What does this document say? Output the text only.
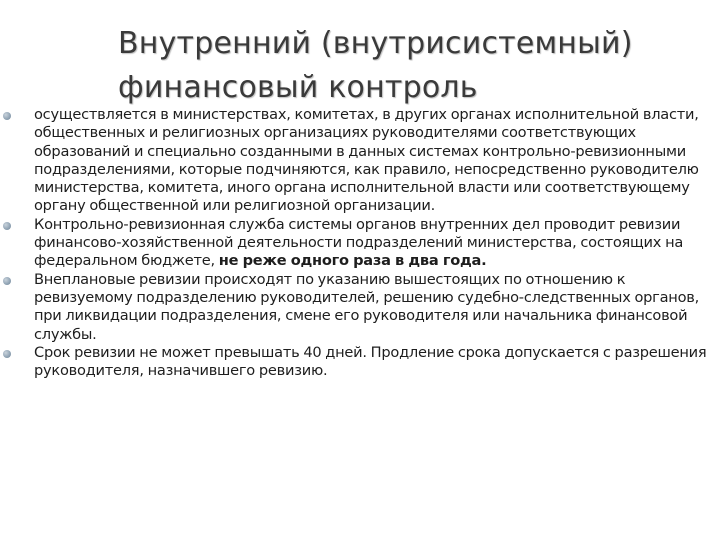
Внутренний (внутрисистемный)
финансовый контроль
осуществляется в министерствах, комитетах, в других органах исполнительной власти, общественных и религиозных организациях руководителями соответствующих образований и специально созданными в данных системах контрольно-ревизионными подразделениями, которые подчиняются, как правило, непосредственно руководителю министерства, комитета, иного органа исполнительной власти или соответствующему органу общественной или религиозной организации.
Контрольно-ревизионная служба системы органов внутренних дел проводит ревизии финансово-хозяйственной деятельности подразделений министерства, состоящих на федеральном бюджете, не реже одного раза в два года.
Внеплановые ревизии происходят по указанию вышестоящих по отношению к ревизуемому подразделению руководителей, решению судебно-следственных органов, при ликвидации подразделения, смене его руководителя или начальника финансовой службы.
Срок ревизии не может превышать 40 дней. Продление срока допускается с разрешения руководителя, назначившего ревизию.
